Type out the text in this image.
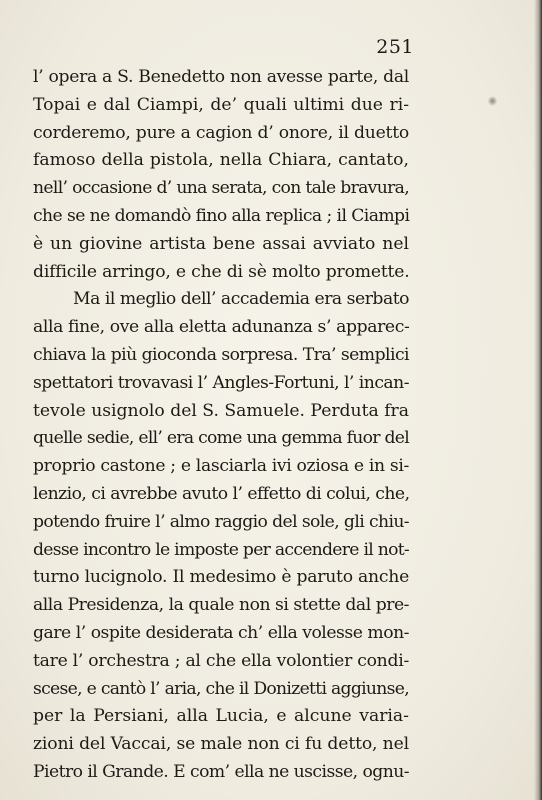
251
l’ opera a S. Benedetto non avesse parte, dal
Topai e dal Ciampi, de’ quali ultimi due ri-
corderemo, pure a cagion d’ onore, il duetto
famoso della pistola, nella Chiara, cantato,
nell’ occasione d’ una serata, con tale bravura,
che se ne domandò fino alla replica ; il Ciampi
è un giovine artista bene assai avviato nel
difficile arringo, e che di sè molto promette.
Ma il meglio dell’ accademia era serbato
alla fine, ove alla eletta adunanza s’ apparec-
chiava la più gioconda sorpresa. Tra’ semplici
spettatori trovavasi l’ Angles-Fortuni, l’ incan-
tevole usignolo del S. Samuele. Perduta fra
quelle sedie, ell’ era come una gemma fuor del
proprio castone ; e lasciarla ivi oziosa e in si-
lenzio, ci avrebbe avuto l’ effetto di colui, che,
potendo fruire l’ almo raggio del sole, gli chiu-
desse incontro le imposte per accendere il not-
turno lucignolo. Il medesimo è paruto anche
alla Presidenza, la quale non si stette dal pre-
gare l’ ospite desiderata ch’ ella volesse mon-
tare l’ orchestra ; al che ella volontier condi-
scese, e cantò l’ aria, che il Donizetti aggiunse,
per la Persiani, alla Lucia, e alcune varia-
zioni del Vaccai, se male non ci fu detto, nel
Pietro il Grande. E com’ ella ne uscisse, ognu-
